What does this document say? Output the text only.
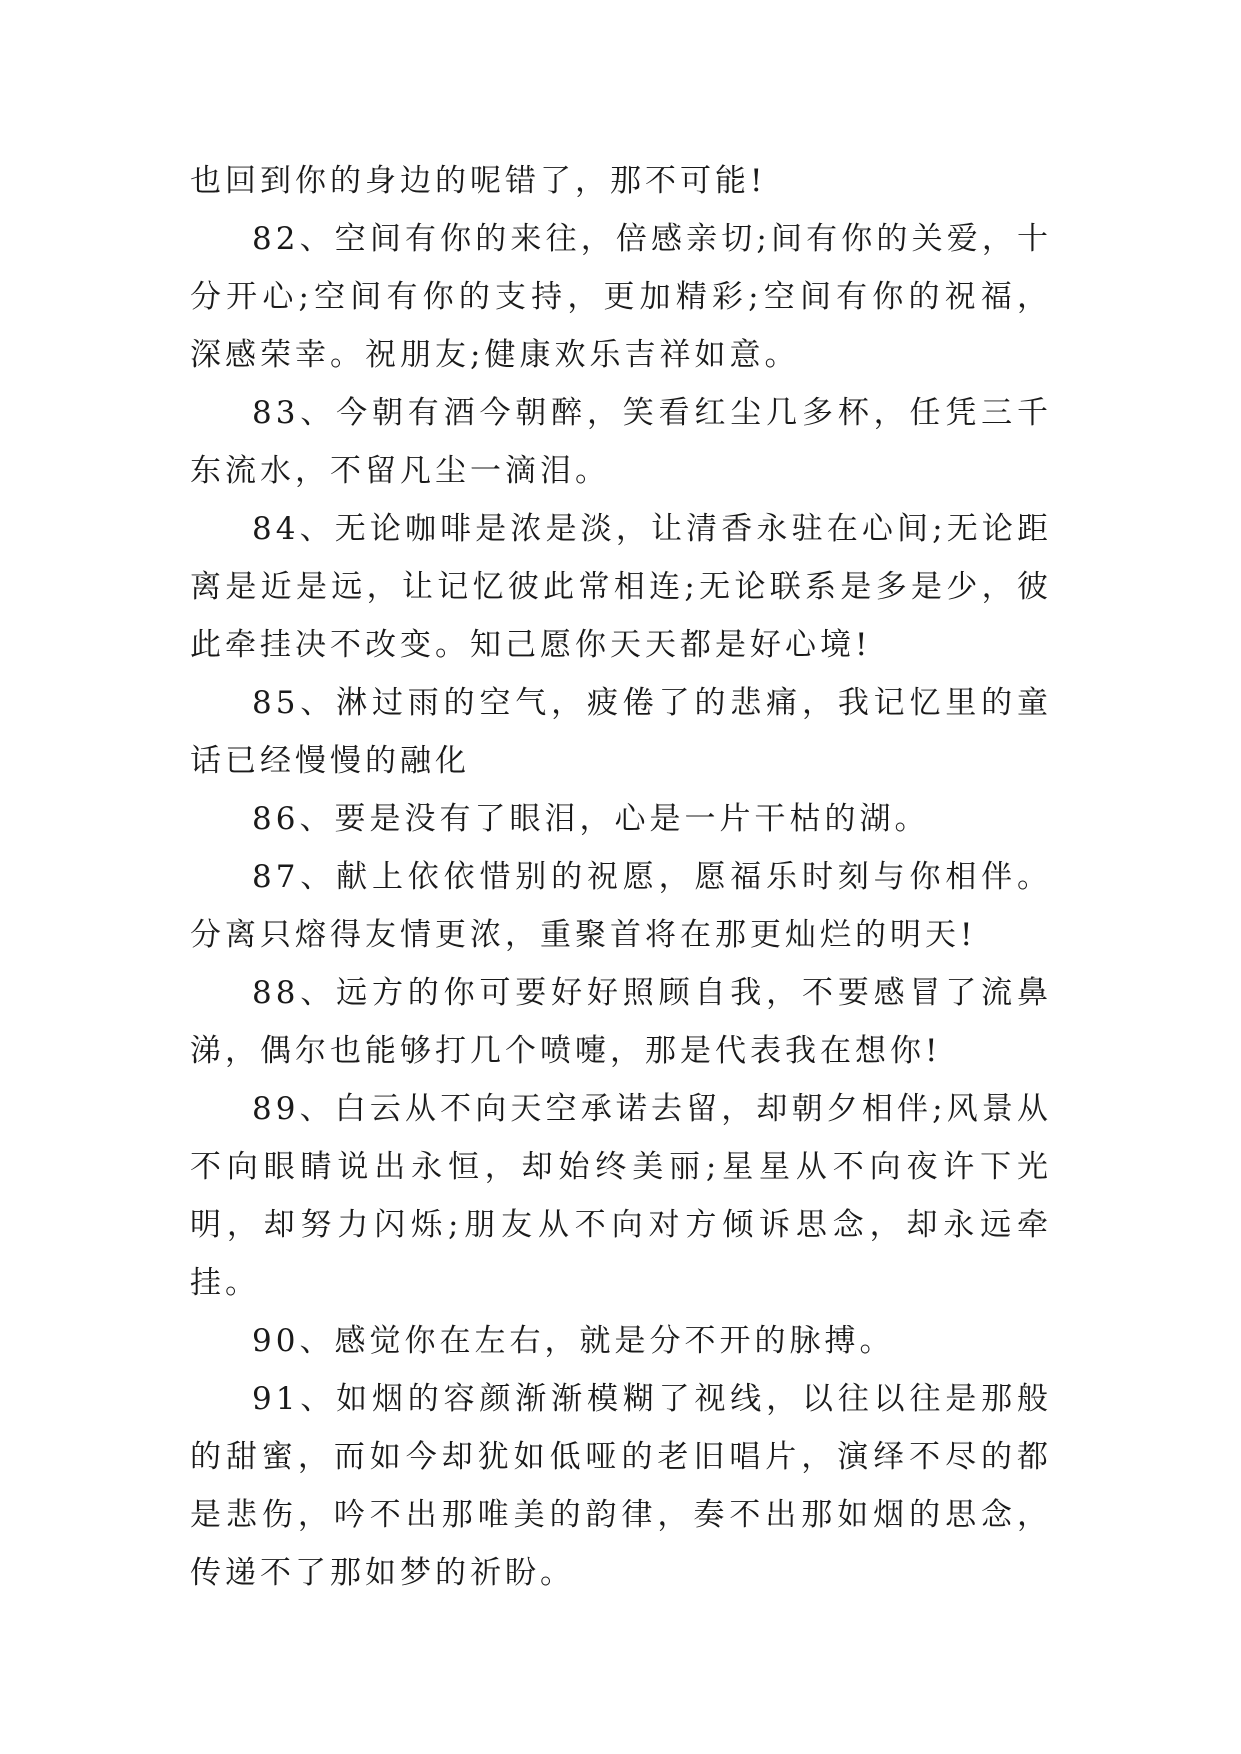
也回到你的身边的呢错了，那不可能!

82、空间有你的来往，倍感亲切;间有你的关爱，十分开心;空间有你的支持，更加精彩;空间有你的祝福，深感荣幸。祝朋友;健康欢乐吉祥如意。

83、今朝有酒今朝醉，笑看红尘几多杯，任凭三千东流水，不留凡尘一滴泪。

84、无论咖啡是浓是淡，让清香永驻在心间;无论距离是近是远，让记忆彼此常相连;无论联系是多是少，彼此牵挂决不改变。知己愿你天天都是好心境!

85、淋过雨的空气，疲倦了的悲痛，我记忆里的童话已经慢慢的融化

86、要是没有了眼泪，心是一片干枯的湖。

87、献上依依惜别的祝愿，愿福乐时刻与你相伴。分离只熔得友情更浓，重聚首将在那更灿烂的明天!

88、远方的你可要好好照顾自我，不要感冒了流鼻涕，偶尔也能够打几个喷嚏，那是代表我在想你!

89、白云从不向天空承诺去留，却朝夕相伴;风景从不向眼睛说出永恒，却始终美丽;星星从不向夜许下光明，却努力闪烁;朋友从不向对方倾诉思念，却永远牵挂。

90、感觉你在左右，就是分不开的脉搏。

91、如烟的容颜渐渐模糊了视线，以往以往是那般的甜蜜，而如今却犹如低哑的老旧唱片，演绎不尽的都是悲伤，吟不出那唯美的韵律，奏不出那如烟的思念，传递不了那如梦的祈盼。
